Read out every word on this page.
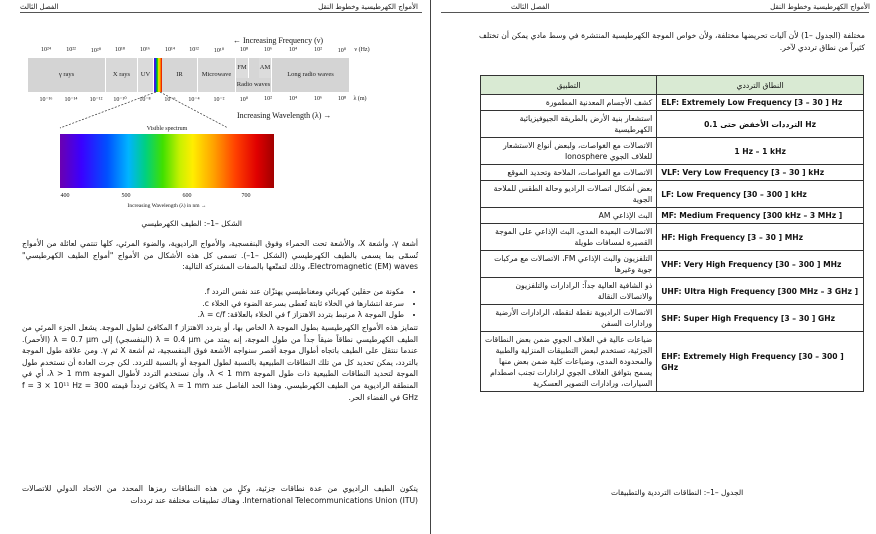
الفصل الثالث	الأمواج الكهرطيسية وخطوط النقل
← Increasing Frequency (ν)
10²⁴	10²²	10²⁰ 10¹⁸	10¹⁶	10¹⁴ 10¹²	10¹⁰	10⁸	10⁶	10⁴	10²	10⁰ ν (Hz)
γ rays	X rays	UV	IR	Microwave
FM
Radio waves
AM
Long radio waves
10⁻¹⁶ 10⁻¹⁴ 10⁻¹² 10⁻¹⁰ 10⁻⁸ 10⁻⁶ 10⁻⁴ 10⁻²	10⁰	10²	10⁴	10⁶	10⁸ λ (m)
Increasing Wavelength (λ) →
Visible spectrum
400	500	600	700
Increasing Wavelength (λ) in nm →
الشكل –1–: الطيف الكهرطيسي
أشعة γ، وأشعة X، والأشعة تحت الحمراء وفوق البنفسجية، والأمواج الراديوية، والضوء المرئي، كلها تنتمي لعائلة من الأمواج تُسمّى بما يسمى بالطيف الكهرطيسي (الشكل –1–). تسمى كل هذه الأشكال من الأمواج "أمواج الطيف الكهرطيسي" Electromagnetic (EM) waves، وذلك لتمتّعها بالصفات المشتركة التالية:
• مكونة من حقلين كهربائي ومغناطيسي يهتزّان عند نفس التردد f.
• سرعة انتشارها في الخلاء ثابتة تُعطى بسرعة الضوء في الخلاء c.
• طول الموجة λ مرتبط بتردد الاهتزاز f في الخلاء بالعلاقة: λ = c/f.
تتمايز هذه الأمواج الكهرطيسية بطول الموجة λ الخاص بها، أو بتردد الاهتزاز f المكافئ لطول الموجة. يشغل الجزء المرئي من الطيف الكهرطيسي نطاقاً ضيقاً جداً من طول الموجة، إنه يمتد من λ = 0.4 μm (البنفسجي) إلى λ = 0.7 μm (الأحمر). عندما ننتقل على الطيف باتجاه أطوال موجة أقصر سنواجه الأشعة فوق البنفسجية، ثم أشعة X ثم γ. ومن علاقة طول الموجة بالتردد، يمكن تحديد كل من تلك النطاقات الطبيعية بالنسبة لطول الموجة أو بالنسبة للتردد. لكن جرت العادة أن نستخدم طول الموجة لتحديد النطاقات الطبيعية ذات طول الموجة λ < 1 mm، وأن نستخدم التردد لأطوال الموجة λ > 1 mm، أي في المنطقة الراديوية من الطيف الكهرطيسي. وهذا الحد الفاصل عند λ = 1 mm يكافئ تردداً قيمته f = 3 × 10¹¹ Hz = 300 GHz في الفضاء الحر.
يتكون الطيف الراديوي من عدة نطاقات جزئية، وكلٍ من هذه النطاقات رمزها المحدد من الاتحاد الدولي للاتصالات International Telecommunications Union (ITU). وهناك تطبيقات مختلفة عند ترددات
الفصل الثالث	الأمواج الكهرطيسية وخطوط النقل
مختلفة (الجدول –1) لأن آليات تحريضها مختلفة، ولأن خواص الموجة الكهرطيسية المنتشرة في وسط مادي يمكن أن تختلف كثيراً من نطاق ترددي لآخر.
التطبيق	النطاق الترددي
كشف الأجسام المعدنية المطمورة	ELF: Extremely Low Frequency [3 – 30 ] Hz
استشعار بنية الأرض بالطريقة الجيوفيزيائية الكهرطيسية	الترددات الأخفض حتى 0.1 Hz
الاتصالات مع الغواصات، ولبعض أنواع الاستشعار للغلاف الجوي Ionosphere	1 Hz – 1 kHz
الاتصالات مع الغواصات، الملاحة وتحديد الموقع	VLF: Very Low Frequency [3 – 30 ] kHz
بعض أشكال اتصالات الراديو وحالة الطقس للملاحة الجوية	LF: Low Frequency [30 – 300 ] kHz
البث الإذاعي AM	MF: Medium Frequency [300 kHz – 3 MHz ]
الاتصالات البعيدة المدى، البث الإذاعي على الموجة القصيرة لمسافات طويلة	HF: High Frequency [3 – 30 ] MHz
التلفزيون والبث الإذاعي FM، الاتصالات مع مركبات جوية وغيرها	VHF: Very High Frequency [30 – 300 ] MHz
ذو الشافية العالية جداً: الرادارات والتلفزيون والاتصالات النقالة	UHF: Ultra High Frequency [300 MHz – 3 GHz ]
الاتصالات الراديوية نقطة لنقطة، الرادارات الأرضية ورادارات السفن	SHF: Super High Frequency [3 – 30 ] GHz
ضياعات عالية في الغلاف الجوي ضمن بعض النطاقات الجزئية، تستخدم لبعض التطبيقات المنزلية والطبية والمحدودة المدى، وضياعات كلية ضمن بعض منها يسمح بتوافق الغلاف الجوي لرادارات تجنب اصطدام السيارات، ورادارات التصوير العسكرية	EHF: Extremely High Frequency [30 – 300 ] GHz
الجدول –1–: النطاقات الترددية والتطبيقات
